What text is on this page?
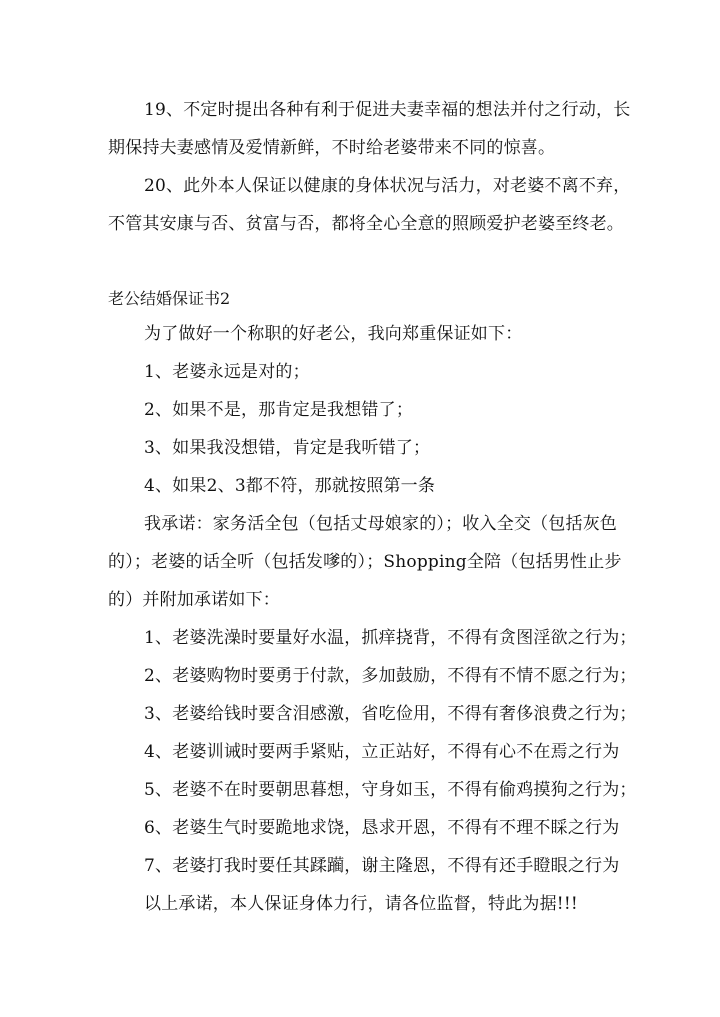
19、不定时提出各种有利于促进夫妻幸福的想法并付之行动，长
期保持夫妻感情及爱情新鲜，不时给老婆带来不同的惊喜。
20、此外本人保证以健康的身体状况与活力，对老婆不离不弃，
不管其安康与否、贫富与否，都将全心全意的照顾爱护老婆至终老。
老公结婚保证书2
为了做好一个称职的好老公，我向郑重保证如下：
1、老婆永远是对的；
2、如果不是，那肯定是我想错了；
3、如果我没想错，肯定是我听错了；
4、如果2、3都不符，那就按照第一条
我承诺：家务活全包（包括丈母娘家的）；收入全交（包括灰色
的）；老婆的话全听（包括发嗲的）；Shopping全陪（包括男性止步
的）并附加承诺如下：
1、老婆洗澡时要量好水温，抓痒挠背，不得有贪图淫欲之行为；
2、老婆购物时要勇于付款，多加鼓励，不得有不情不愿之行为；
3、老婆给钱时要含泪感激，省吃俭用，不得有奢侈浪费之行为；
4、老婆训诫时要两手紧贴，立正站好，不得有心不在焉之行为
5、老婆不在时要朝思暮想，守身如玉，不得有偷鸡摸狗之行为；
6、老婆生气时要跪地求饶，恳求开恩，不得有不理不睬之行为
7、老婆打我时要任其蹂躏，谢主隆恩，不得有还手瞪眼之行为
以上承诺，本人保证身体力行，请各位监督，特此为据!!!
